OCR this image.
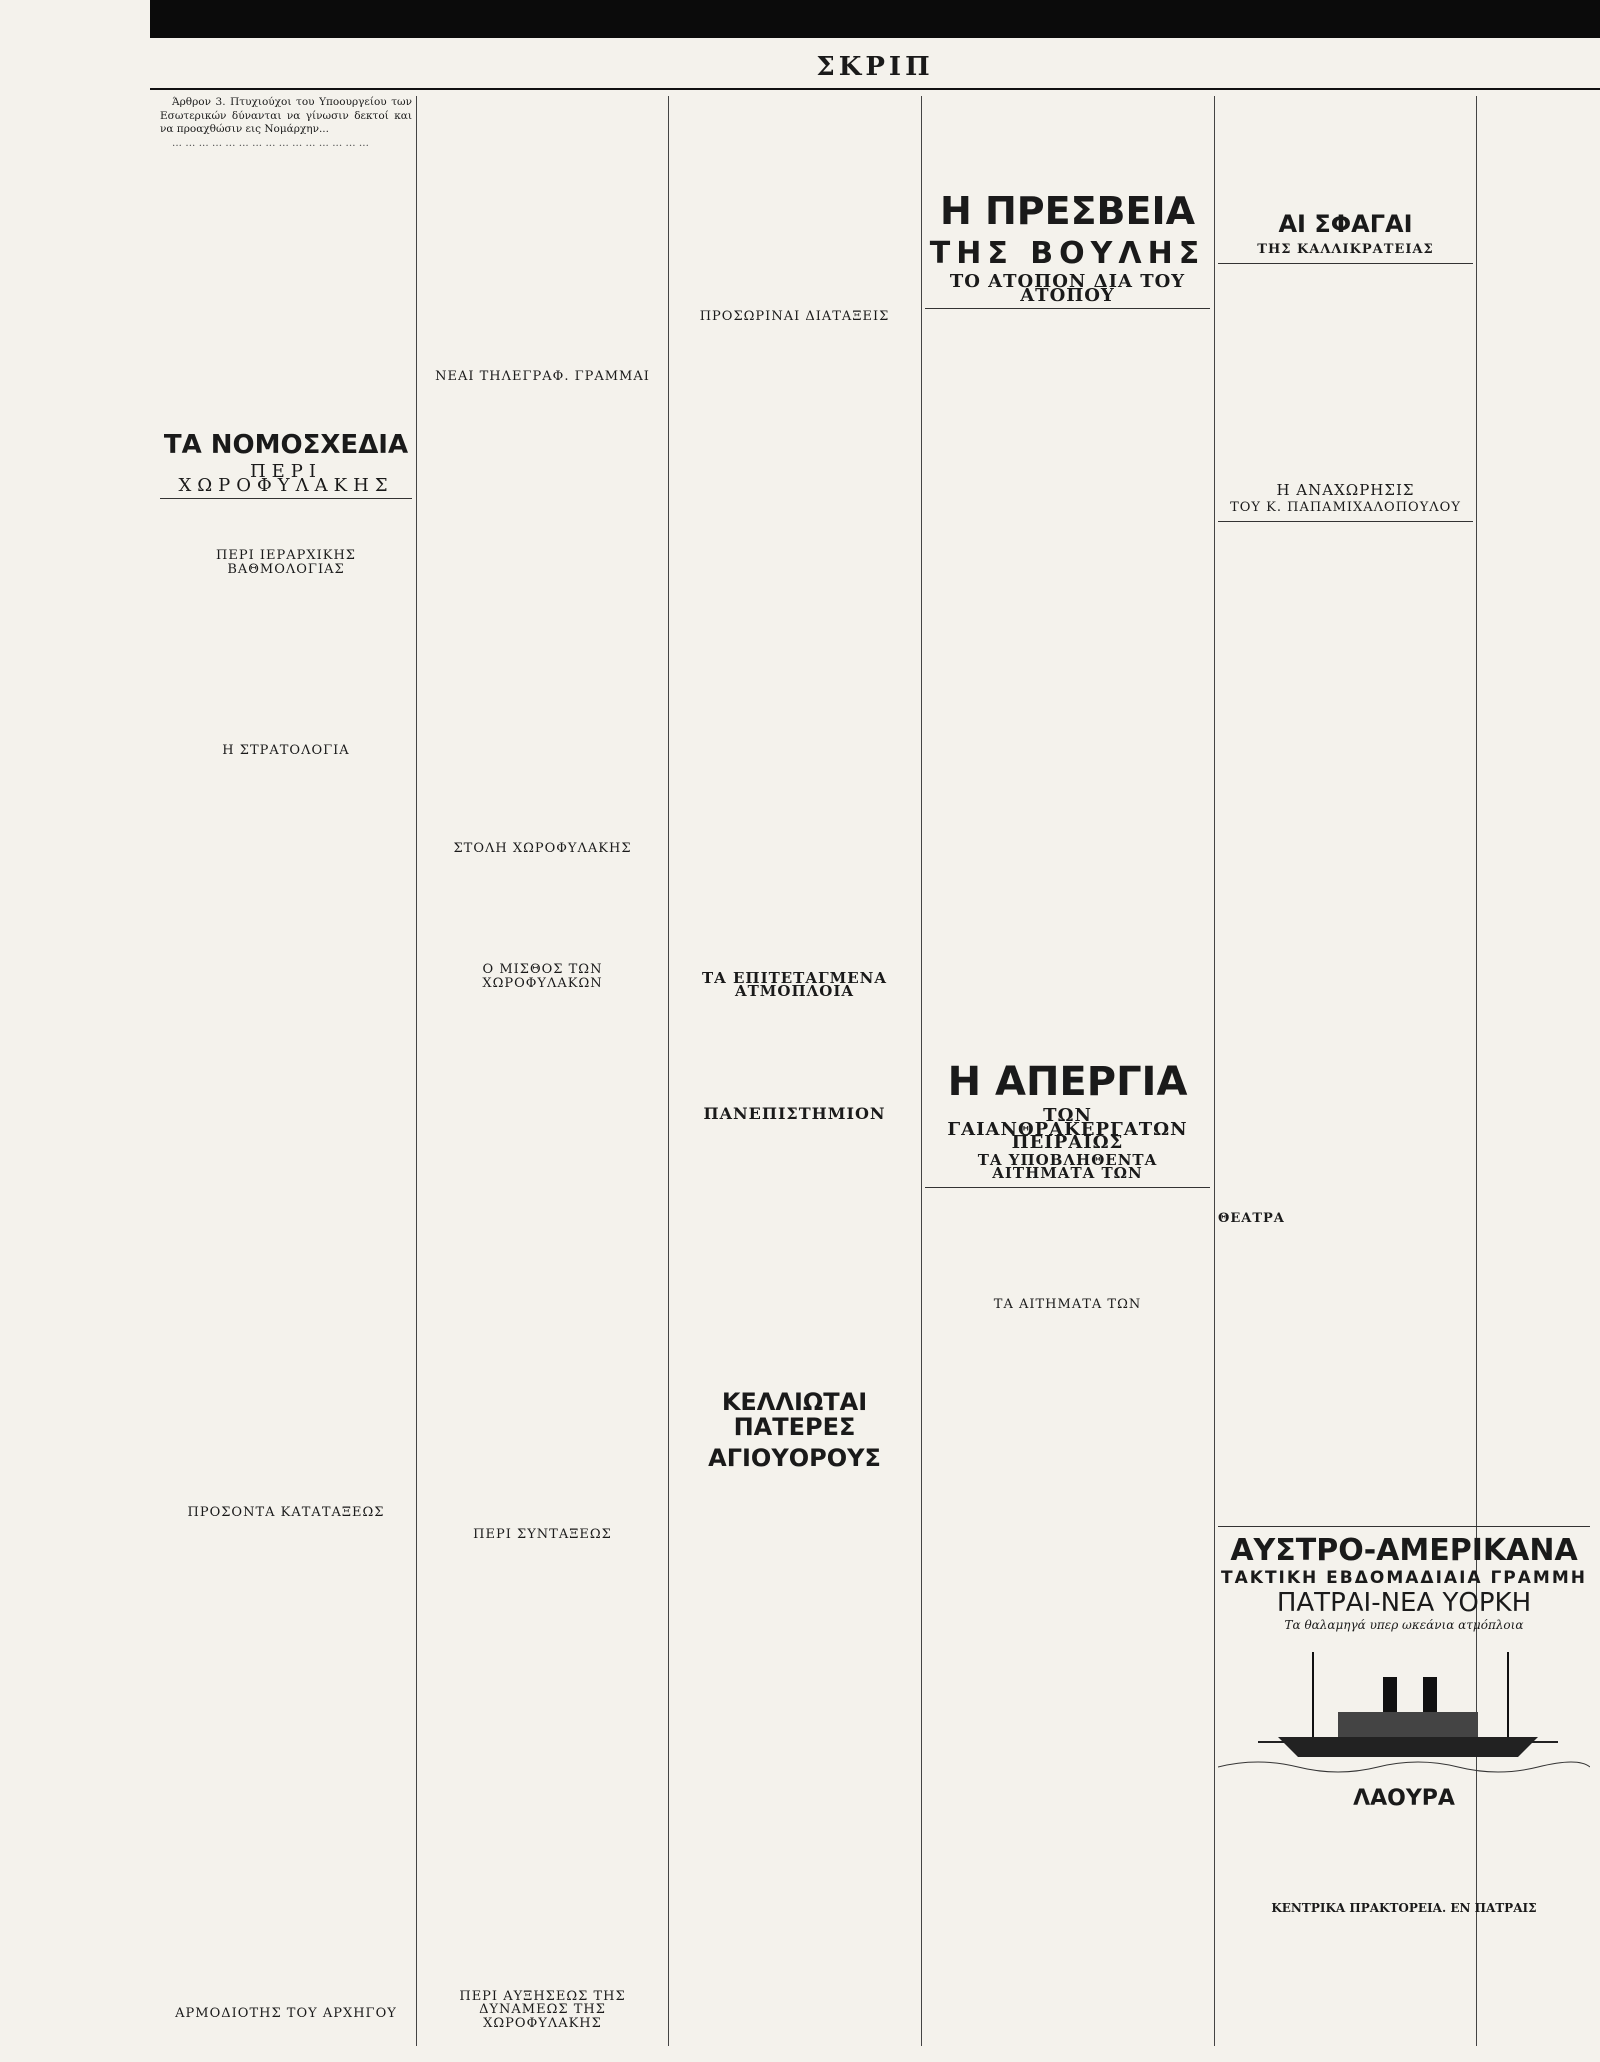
ΣΚΡΙΠ

Άρθρον 3. Πτυχιούχοι του Υποουργείου των Εσωτερικών δύνανται να γίνωσιν δεκτοί και να προαχθώσιν εις Νομάρχην...

··· ··· ··· ··· ··· ··· ··· ··· ··· ··· ··· ··· ··· ··· ···

ΤΑ ΝΟΜΟΣΧΕΔΙΑ
ΠΕΡΙ ΧΩΡΟΦΥΛΑΚΗΣ
ΠΕΡΙ ΙΕΡΑΡΧΙΚΗΣ ΒΑΘΜΟΛΟΓΙΑΣ
Η ΣΤΡΑΤΟΛΟΓΙΑ
ΠΡΟΣΟΝΤΑ ΚΑΤΑΤΑΞΕΩΣ
ΑΡΜΟΔΙΟΤΗΣ ΤΟΥ ΑΡΧΗΓΟΥ
ΝΕΑΙ ΤΗΛΕΓΡΑΦ. ΓΡΑΜΜΑΙ
ΣΤΟΛΗ ΧΩΡΟΦΥΛΑΚΗΣ
Ο ΜΙΣΘΟΣ ΤΩΝ ΧΩΡΟΦΥΛΑΚΩΝ
ΠΕΡΙ ΣΥΝΤΑΞΕΩΣ
ΠΕΡΙ ΑΥΞΗΣΕΩΣ ΤΗΣ ΔΥΝΑΜΕΩΣ ΤΗΣ ΧΩΡΟΦΥΛΑΚΗΣ
ΠΡΟΣΩΡΙΝΑΙ ΔΙΑΤΑΞΕΙΣ
ΤΑ ΕΠΙΤΕΤΑΓΜΕΝΑ ΑΤΜΟΠΛΟΙΑ
ΠΑΝΕΠΙΣΤΗΜΙΟΝ
ΚΕΛΛΙΩΤΑΙ ΠΑΤΕΡΕΣ
ΑΓΙΟΥΟΡΟΥΣ
Η ΠΡΕΣΒΕΙΑ
ΤΗΣ ΒΟΥΛΗΣ
ΤΟ ΑΤΟΠΟΝ ΔΙΑ ΤΟΥ ΑΤΟΠΟΥ
Η ΑΠΕΡΓΙΑ
ΤΩΝ ΓΑΙΑΝΘΡΑΚΕΡΓΑΤΩΝ ΠΕΙΡΑΙΩΣ
ΤΑ ΥΠΟΒΛΗΘΕΝΤΑ ΑΙΤΗΜΑΤΑ ΤΩΝ
ΤΑ ΑΙΤΗΜΑΤΑ ΤΩΝ
ΑΙ ΣΦΑΓΑΙ
ΤΗΣ ΚΑΛΛΙΚΡΑΤΕΙΑΣ
Η ΑΝΑΧΩΡΗΣΙΣ
ΤΟΥ Κ. ΠΑΠΑΜΙΧΑΛΟΠΟΥΛΟΥ
ΘΕΑΤΡΑ
ΑΥΣΤΡΟ-ΑΜΕΡΙΚΑΝΑ
ΤΑΚΤΙΚΗ ΕΒΔΟΜΑΔΙΑΙΑ ΓΡΑΜΜΗ
ΠΑΤΡΑΙ-ΝΕΑ ΥΟΡΚΗ
Τα θαλαμηγά υπερ ωκεάνια ατμόπλοια
ΛΑΟΥΡΑ
ΚΕΝΤΡΙΚΑ ΠΡΑΚΤΟΡΕΙΑ. ΕΝ ΠΑΤΡΑΙΣ
